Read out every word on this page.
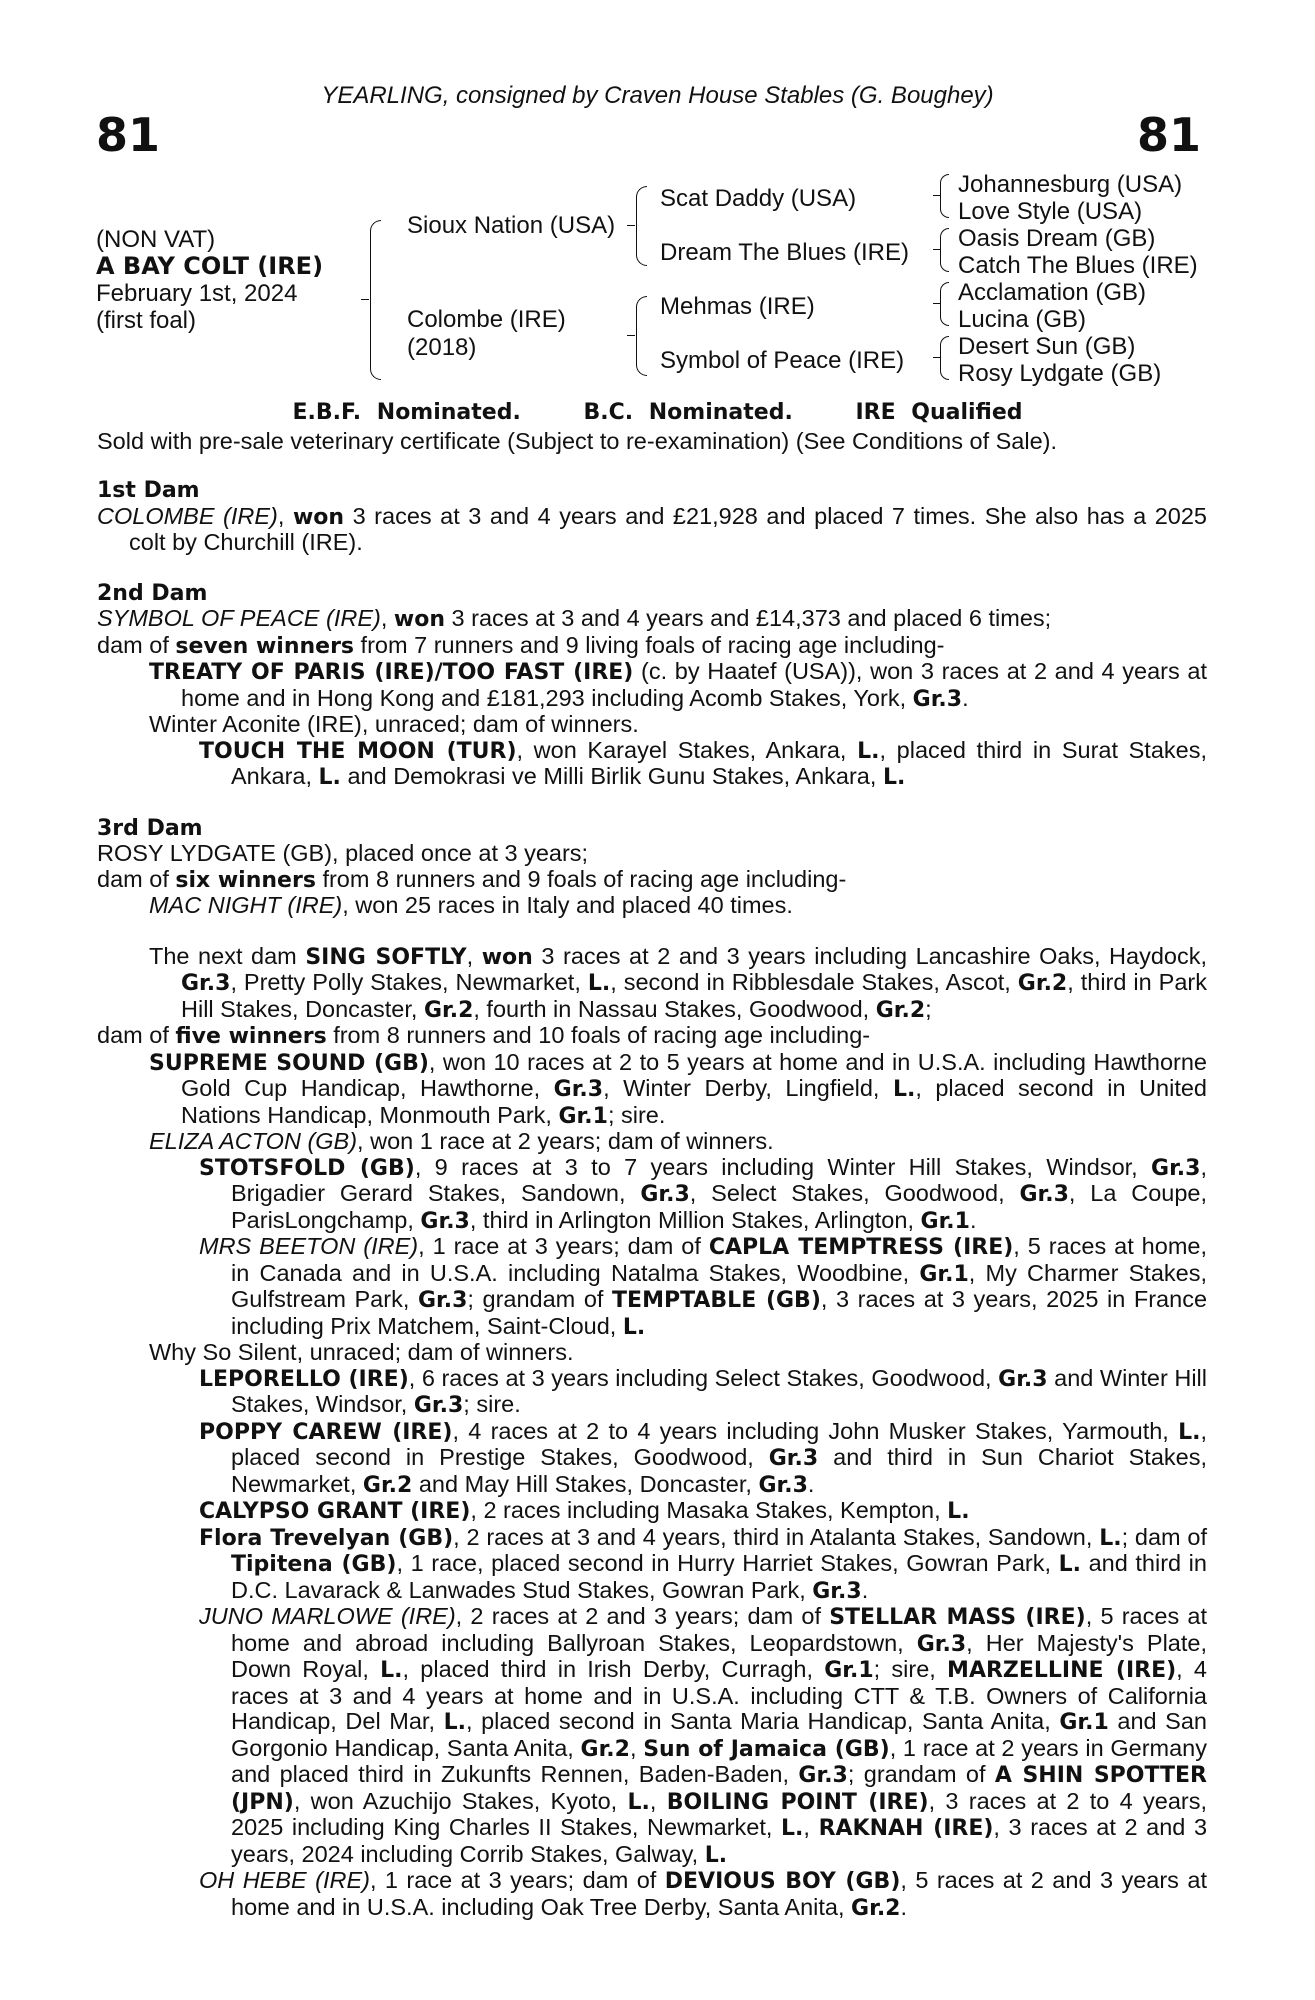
YEARLING, consigned by Craven House Stables (G. Boughey)
81	81
(NON VAT)
A BAY COLT (IRE)
February 1st, 2024
(first foal)
Sioux Nation (USA)
Colombe (IRE)
(2018)
Scat Daddy (USA)
Dream The Blues (IRE)
Mehmas (IRE)
Symbol of Peace (IRE)
Johannesburg (USA)
Love Style (USA)
Oasis Dream (GB)
Catch The Blues (IRE)
Acclamation (GB)
Lucina (GB)
Desert Sun (GB)
Rosy Lydgate (GB)
E.B.F. Nominated.	B.C. Nominated.	IRE Qualified
Sold with pre-sale veterinary certificate (Subject to re-examination) (See Conditions of Sale).

1st Dam

COLOMBE (IRE), won 3 races at 3 and 4 years and £21,928 and placed 7 times. She also has a 2025 colt by Churchill (IRE).

2nd Dam

SYMBOL OF PEACE (IRE), won 3 races at 3 and 4 years and £14,373 and placed 6 times;

dam of seven winners from 7 runners and 9 living foals of racing age including-

TREATY OF PARIS (IRE)/TOO FAST (IRE) (c. by Haatef (USA)), won 3 races at 2 and 4 years at home and in Hong Kong and £181,293 including Acomb Stakes, York, Gr.3.

Winter Aconite (IRE), unraced; dam of winners.

TOUCH THE MOON (TUR), won Karayel Stakes, Ankara, L., placed third in Surat Stakes, Ankara, L. and Demokrasi ve Milli Birlik Gunu Stakes, Ankara, L.

3rd Dam

ROSY LYDGATE (GB), placed once at 3 years;

dam of six winners from 8 runners and 9 foals of racing age including-

MAC NIGHT (IRE), won 25 races in Italy and placed 40 times.

The next dam SING SOFTLY, won 3 races at 2 and 3 years including Lancashire Oaks, Haydock, Gr.3, Pretty Polly Stakes, Newmarket, L., second in Ribblesdale Stakes, Ascot, Gr.2, third in Park Hill Stakes, Doncaster, Gr.2, fourth in Nassau Stakes, Goodwood, Gr.2;

dam of five winners from 8 runners and 10 foals of racing age including-

SUPREME SOUND (GB), won 10 races at 2 to 5 years at home and in U.S.A. including Hawthorne Gold Cup Handicap, Hawthorne, Gr.3, Winter Derby, Lingfield, L., placed second in United Nations Handicap, Monmouth Park, Gr.1; sire.

ELIZA ACTON (GB), won 1 race at 2 years; dam of winners.

STOTSFOLD (GB), 9 races at 3 to 7 years including Winter Hill Stakes, Windsor, Gr.3, Brigadier Gerard Stakes, Sandown, Gr.3, Select Stakes, Goodwood, Gr.3, La Coupe, ParisLongchamp, Gr.3, third in Arlington Million Stakes, Arlington, Gr.1.

MRS BEETON (IRE), 1 race at 3 years; dam of CAPLA TEMPTRESS (IRE), 5 races at home, in Canada and in U.S.A. including Natalma Stakes, Woodbine, Gr.1, My Charmer Stakes, Gulfstream Park, Gr.3; grandam of TEMPTABLE (GB), 3 races at 3 years, 2025 in France including Prix Matchem, Saint-Cloud, L.

Why So Silent, unraced; dam of winners.

LEPORELLO (IRE), 6 races at 3 years including Select Stakes, Goodwood, Gr.3 and Winter Hill Stakes, Windsor, Gr.3; sire.

POPPY CAREW (IRE), 4 races at 2 to 4 years including John Musker Stakes, Yarmouth, L., placed second in Prestige Stakes, Goodwood, Gr.3 and third in Sun Chariot Stakes, Newmarket, Gr.2 and May Hill Stakes, Doncaster, Gr.3.

CALYPSO GRANT (IRE), 2 races including Masaka Stakes, Kempton, L.

Flora Trevelyan (GB), 2 races at 3 and 4 years, third in Atalanta Stakes, Sandown, L.; dam of Tipitena (GB), 1 race, placed second in Hurry Harriet Stakes, Gowran Park, L. and third in D.C. Lavarack & Lanwades Stud Stakes, Gowran Park, Gr.3.

JUNO MARLOWE (IRE), 2 races at 2 and 3 years; dam of STELLAR MASS (IRE), 5 races at home and abroad including Ballyroan Stakes, Leopardstown, Gr.3, Her Majesty's Plate, Down Royal, L., placed third in Irish Derby, Curragh, Gr.1; sire, MARZELLINE (IRE), 4 races at 3 and 4 years at home and in U.S.A. including CTT & T.B. Owners of California Handicap, Del Mar, L., placed second in Santa Maria Handicap, Santa Anita, Gr.1 and San Gorgonio Handicap, Santa Anita, Gr.2, Sun of Jamaica (GB), 1 race at 2 years in Germany and placed third in Zukunfts Rennen, Baden-Baden, Gr.3; grandam of A SHIN SPOTTER (JPN), won Azuchijo Stakes, Kyoto, L., BOILING POINT (IRE), 3 races at 2 to 4 years, 2025 including King Charles II Stakes, Newmarket, L., RAKNAH (IRE), 3 races at 2 and 3 years, 2024 including Corrib Stakes, Galway, L.

OH HEBE (IRE), 1 race at 3 years; dam of DEVIOUS BOY (GB), 5 races at 2 and 3 years at home and in U.S.A. including Oak Tree Derby, Santa Anita, Gr.2.
